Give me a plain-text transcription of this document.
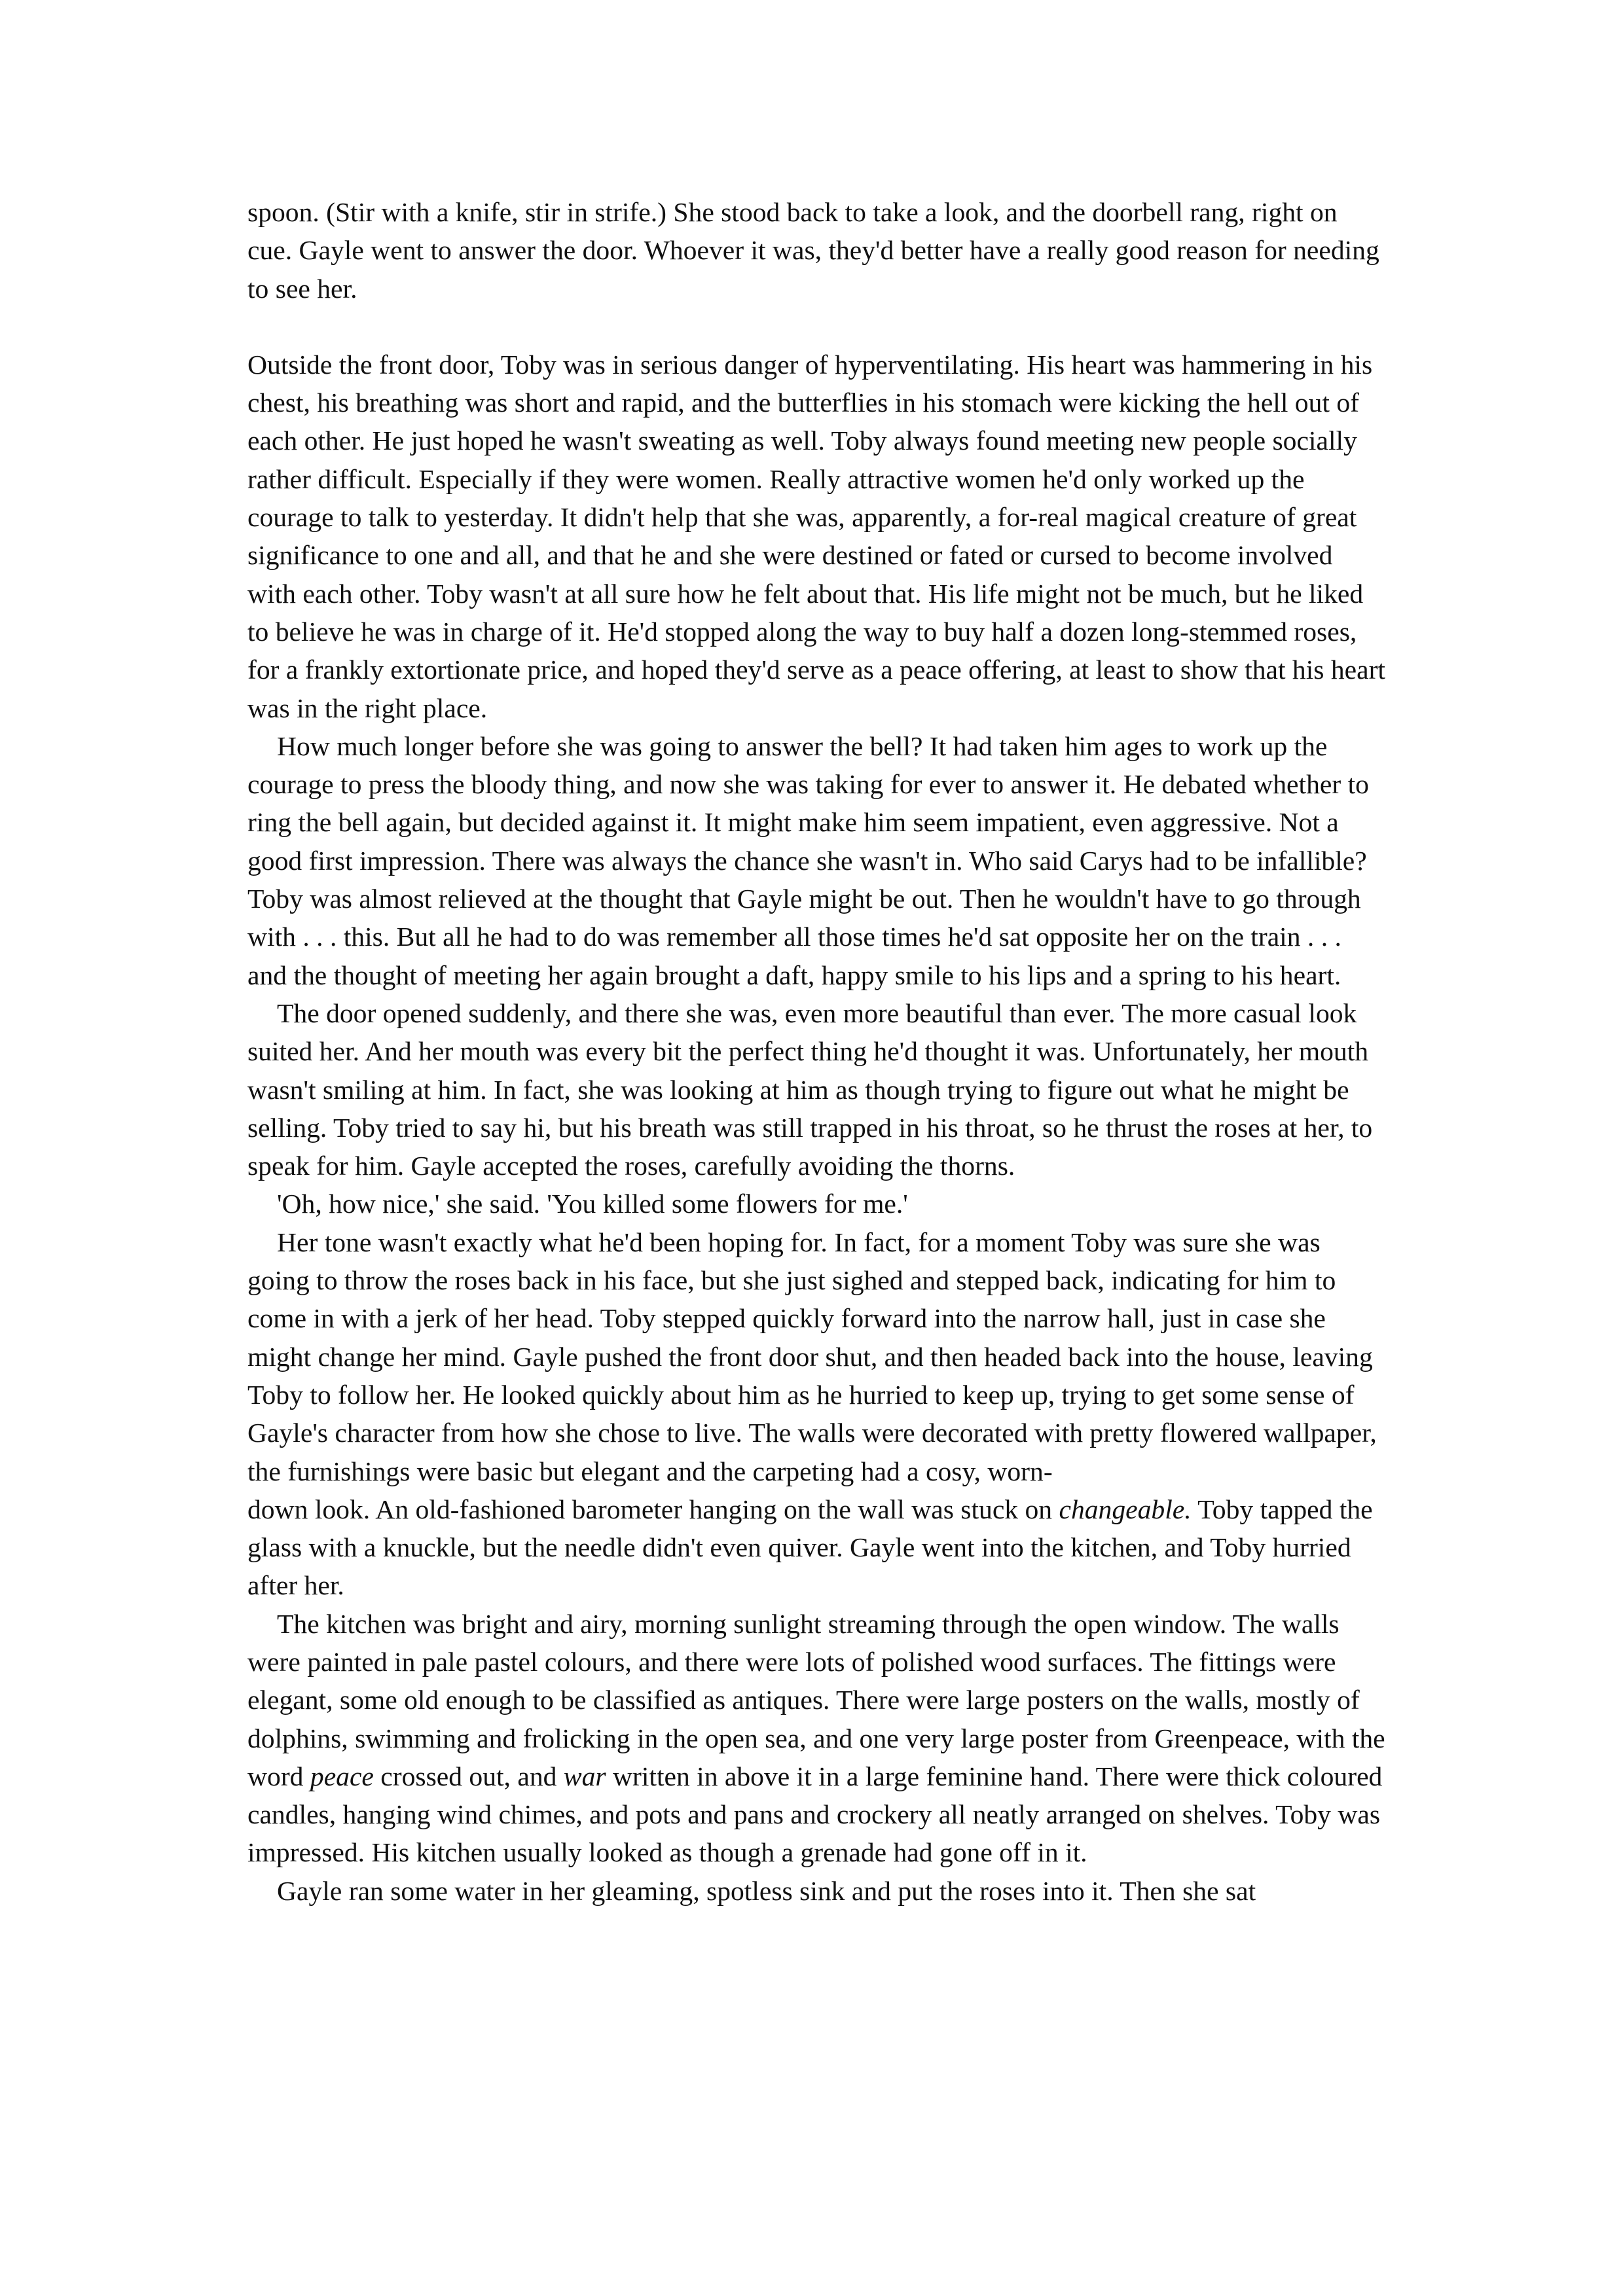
spoon. (Stir with a knife, stir in strife.) She stood back to take a look, and the doorbell rang, right on cue. Gayle went to answer the door. Whoever it was, they'd better have a really good reason for needing to see her.

Outside the front door, Toby was in serious danger of hyperventilating. His heart was hammering in his chest, his breathing was short and rapid, and the butterflies in his stomach were kicking the hell out of each other. He just hoped he wasn't sweating as well. Toby always found meeting new people socially rather difficult. Especially if they were women. Really attractive women he'd only worked up the courage to talk to yesterday. It didn't help that she was, apparently, a for-real magical creature of great significance to one and all, and that he and she were destined or fated or cursed to become involved with each other. Toby wasn't at all sure how he felt about that. His life might not be much, but he liked to believe he was in charge of it. He'd stopped along the way to buy half a dozen long-stemmed roses, for a frankly extortionate price, and hoped they'd serve as a peace offering, at least to show that his heart was in the right place.

How much longer before she was going to answer the bell? It had taken him ages to work up the courage to press the bloody thing, and now she was taking for ever to answer it. He debated whether to ring the bell again, but decided against it. It might make him seem impatient, even aggressive. Not a good first impression. There was always the chance she wasn't in. Who said Carys had to be infallible? Toby was almost relieved at the thought that Gayle might be out. Then he wouldn't have to go through with . . . this. But all he had to do was remember all those times he'd sat opposite her on the train . . . and the thought of meeting her again brought a daft, happy smile to his lips and a spring to his heart.

The door opened suddenly, and there she was, even more beautiful than ever. The more casual look suited her. And her mouth was every bit the perfect thing he'd thought it was. Unfortunately, her mouth wasn't smiling at him. In fact, she was looking at him as though trying to figure out what he might be selling. Toby tried to say hi, but his breath was still trapped in his throat, so he thrust the roses at her, to speak for him. Gayle accepted the roses, carefully avoiding the thorns.

'Oh, how nice,' she said. 'You killed some flowers for me.'

Her tone wasn't exactly what he'd been hoping for. In fact, for a moment Toby was sure she was going to throw the roses back in his face, but she just sighed and stepped back, indicating for him to come in with a jerk of her head. Toby stepped quickly forward into the narrow hall, just in case she might change her mind. Gayle pushed the front door shut, and then headed back into the house, leaving Toby to follow her. He looked quickly about him as he hurried to keep up, trying to get some sense of Gayle's character from how she chose to live. The walls were decorated with pretty flowered wallpaper, the furnishings were basic but elegant and the carpeting had a cosy, worn-

down look. An old-fashioned barometer hanging on the wall was stuck on changeable. Toby tapped the glass with a knuckle, but the needle didn't even quiver. Gayle went into the kitchen, and Toby hurried after her.

The kitchen was bright and airy, morning sunlight streaming through the open window. The walls were painted in pale pastel colours, and there were lots of polished wood surfaces. The fittings were elegant, some old enough to be classified as antiques. There were large posters on the walls, mostly of dolphins, swimming and frolicking in the open sea, and one very large poster from Greenpeace, with the word peace crossed out, and war written in above it in a large feminine hand. There were thick coloured candles, hanging wind chimes, and pots and pans and crockery all neatly arranged on shelves. Toby was impressed. His kitchen usually looked as though a grenade had gone off in it.

Gayle ran some water in her gleaming, spotless sink and put the roses into it. Then she sat
